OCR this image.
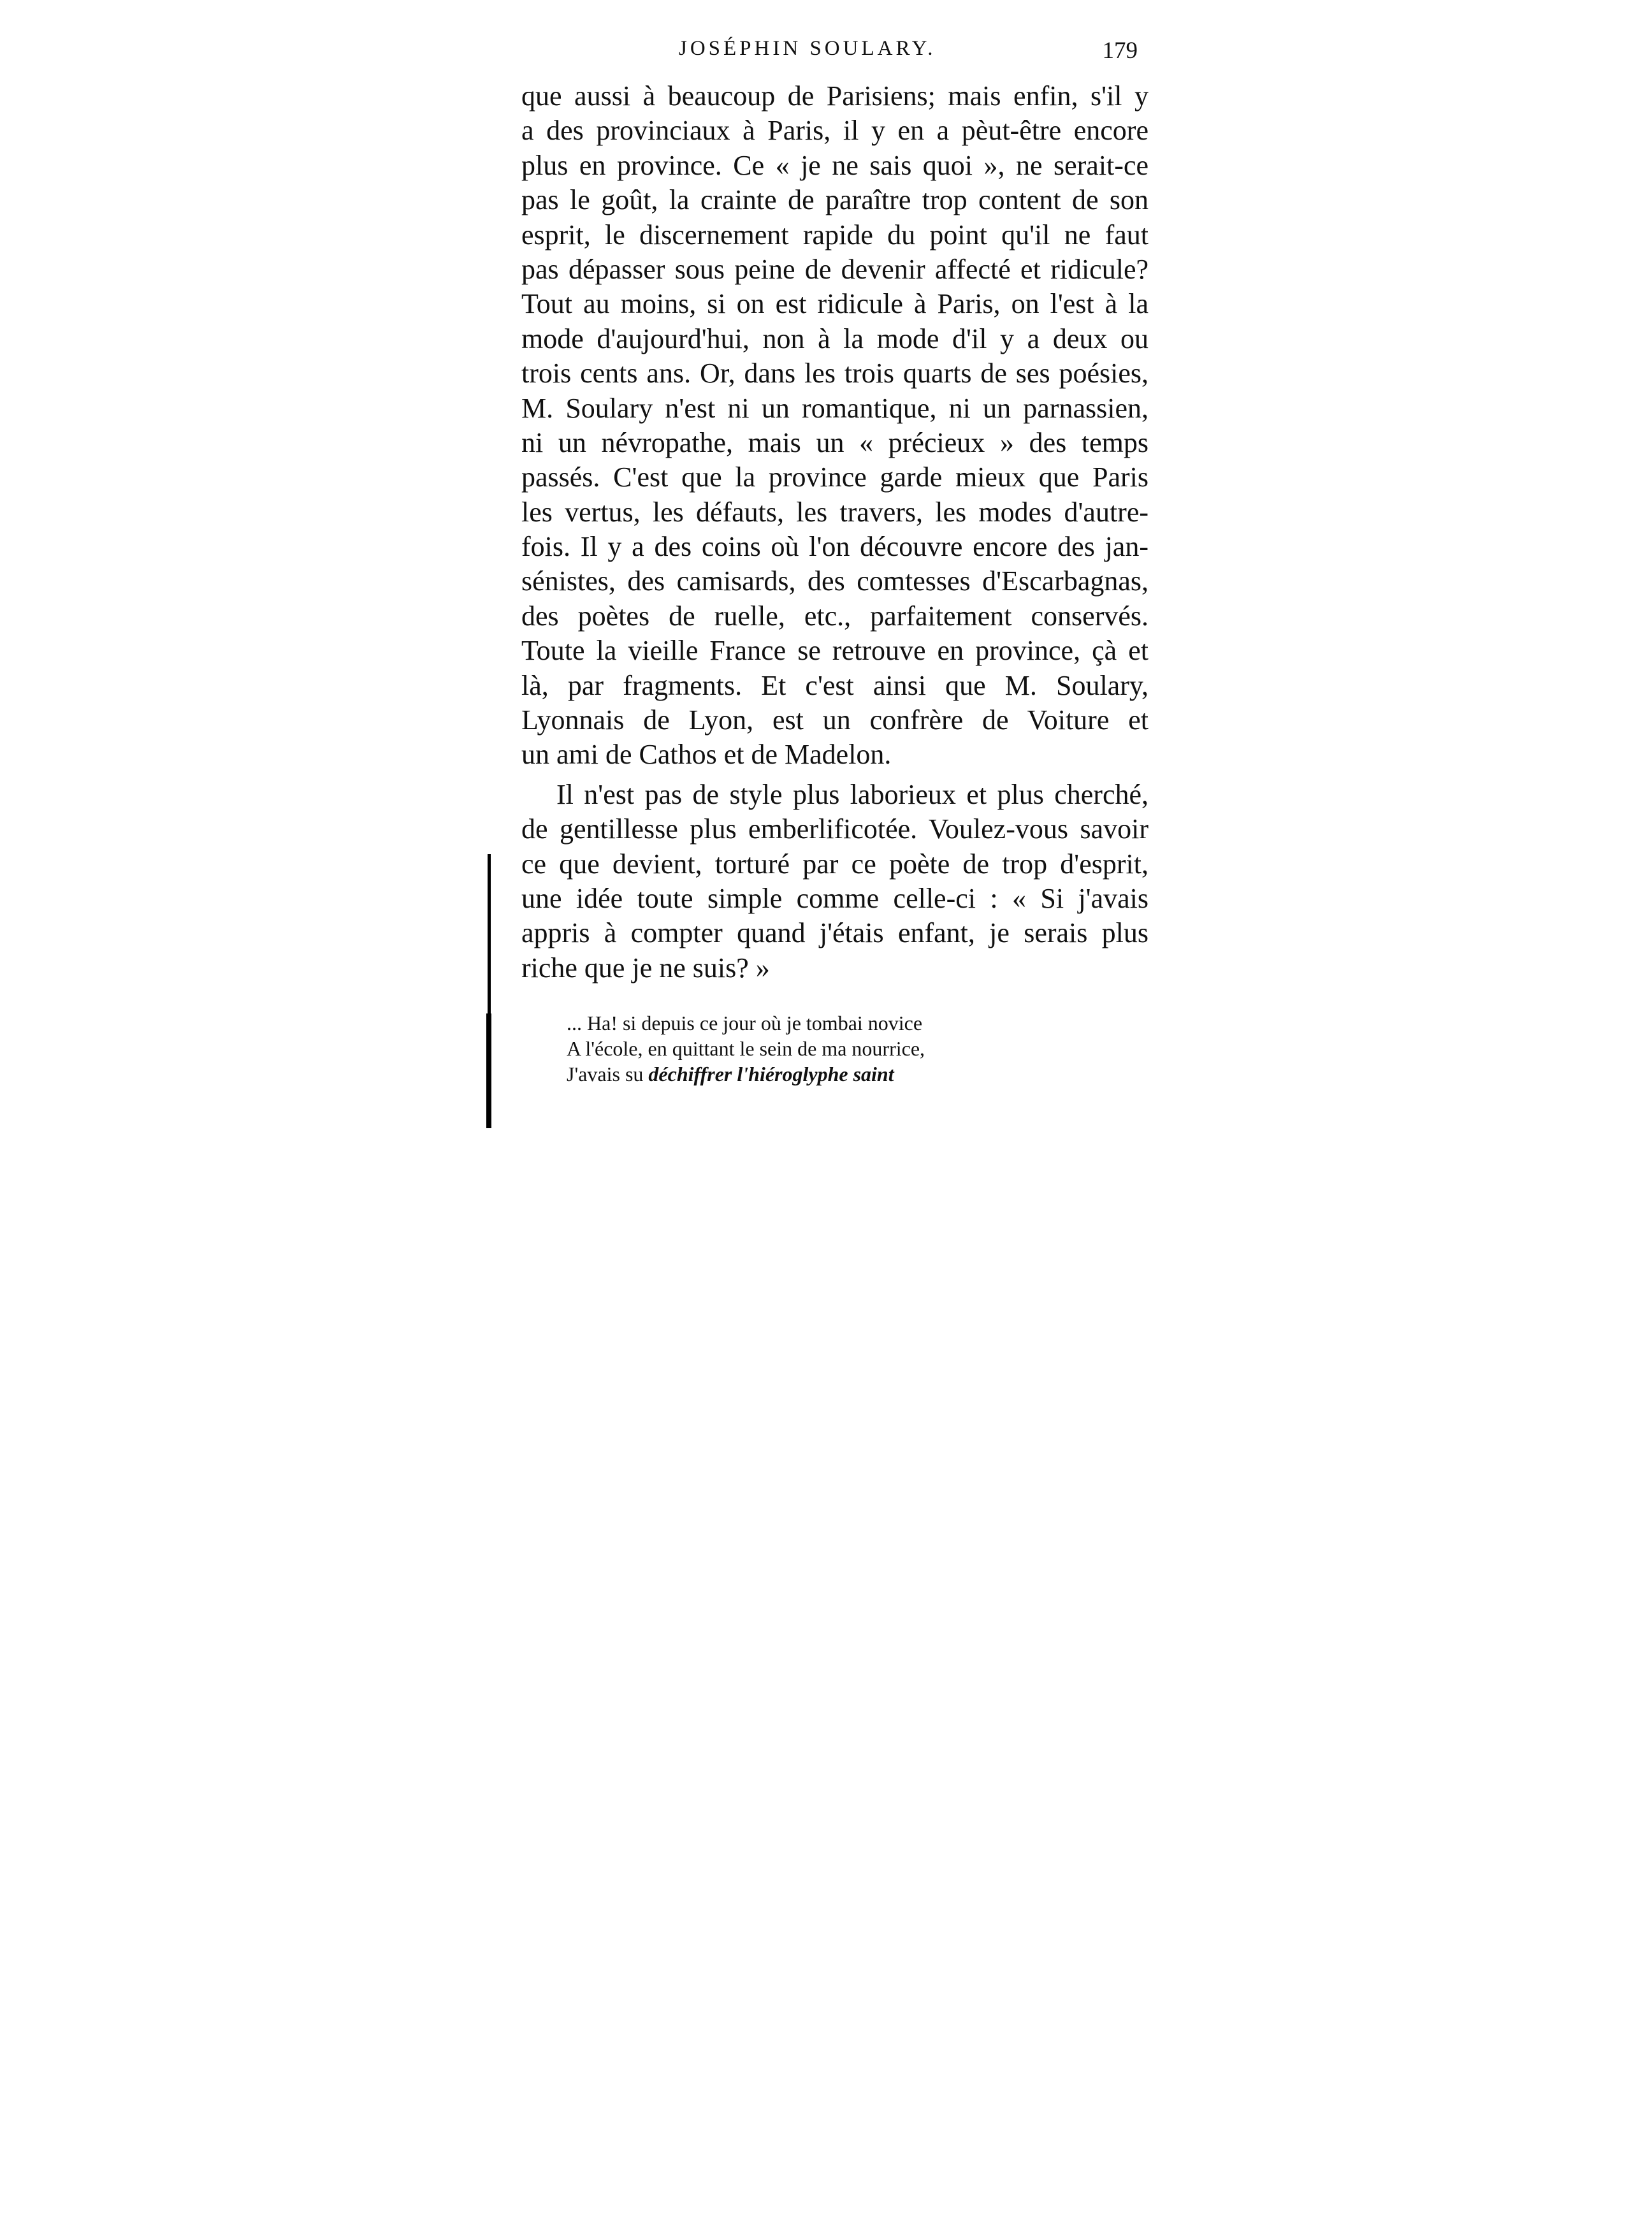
JOSÉPHIN SOULARY.	179
que aussi à beaucoup de Parisiens; mais enfin, s'il y
a des provinciaux à Paris, il y en a pèut-être encore
plus en province. Ce « je ne sais quoi », ne serait-ce
pas le goût, la crainte de paraître trop content de son
esprit, le discernement rapide du point qu'il ne faut
pas dépasser sous peine de devenir affecté et ridicule?
Tout au moins, si on est ridicule à Paris, on l'est à la
mode d'aujourd'hui, non à la mode d'il y a deux ou
trois cents ans. Or, dans les trois quarts de ses poésies,
M. Soulary n'est ni un romantique, ni un parnassien,
ni un névropathe, mais un « précieux » des temps
passés. C'est que la province garde mieux que Paris
les vertus, les défauts, les travers, les modes d'autre-
fois. Il y a des coins où l'on découvre encore des jan-
sénistes, des camisards, des comtesses d'Escarbagnas,
des poètes de ruelle, etc., parfaitement conservés.
Toute la vieille France se retrouve en province, çà et
là, par fragments. Et c'est ainsi que M. Soulary,
Lyonnais de Lyon, est un confrère de Voiture et
un ami de Cathos et de Madelon.
Il n'est pas de style plus laborieux et plus cherché,
de gentillesse plus emberlificotée. Voulez-vous savoir
ce que devient, torturé par ce poète de trop d'esprit,
une idée toute simple comme celle-ci : « Si j'avais
appris à compter quand j'étais enfant, je serais plus
riche que je ne suis? »
... Ha! si depuis ce jour où je tombai novice
A l'école, en quittant le sein de ma nourrice,
J'avais su déchiffrer l'hiéroglyphe saint
